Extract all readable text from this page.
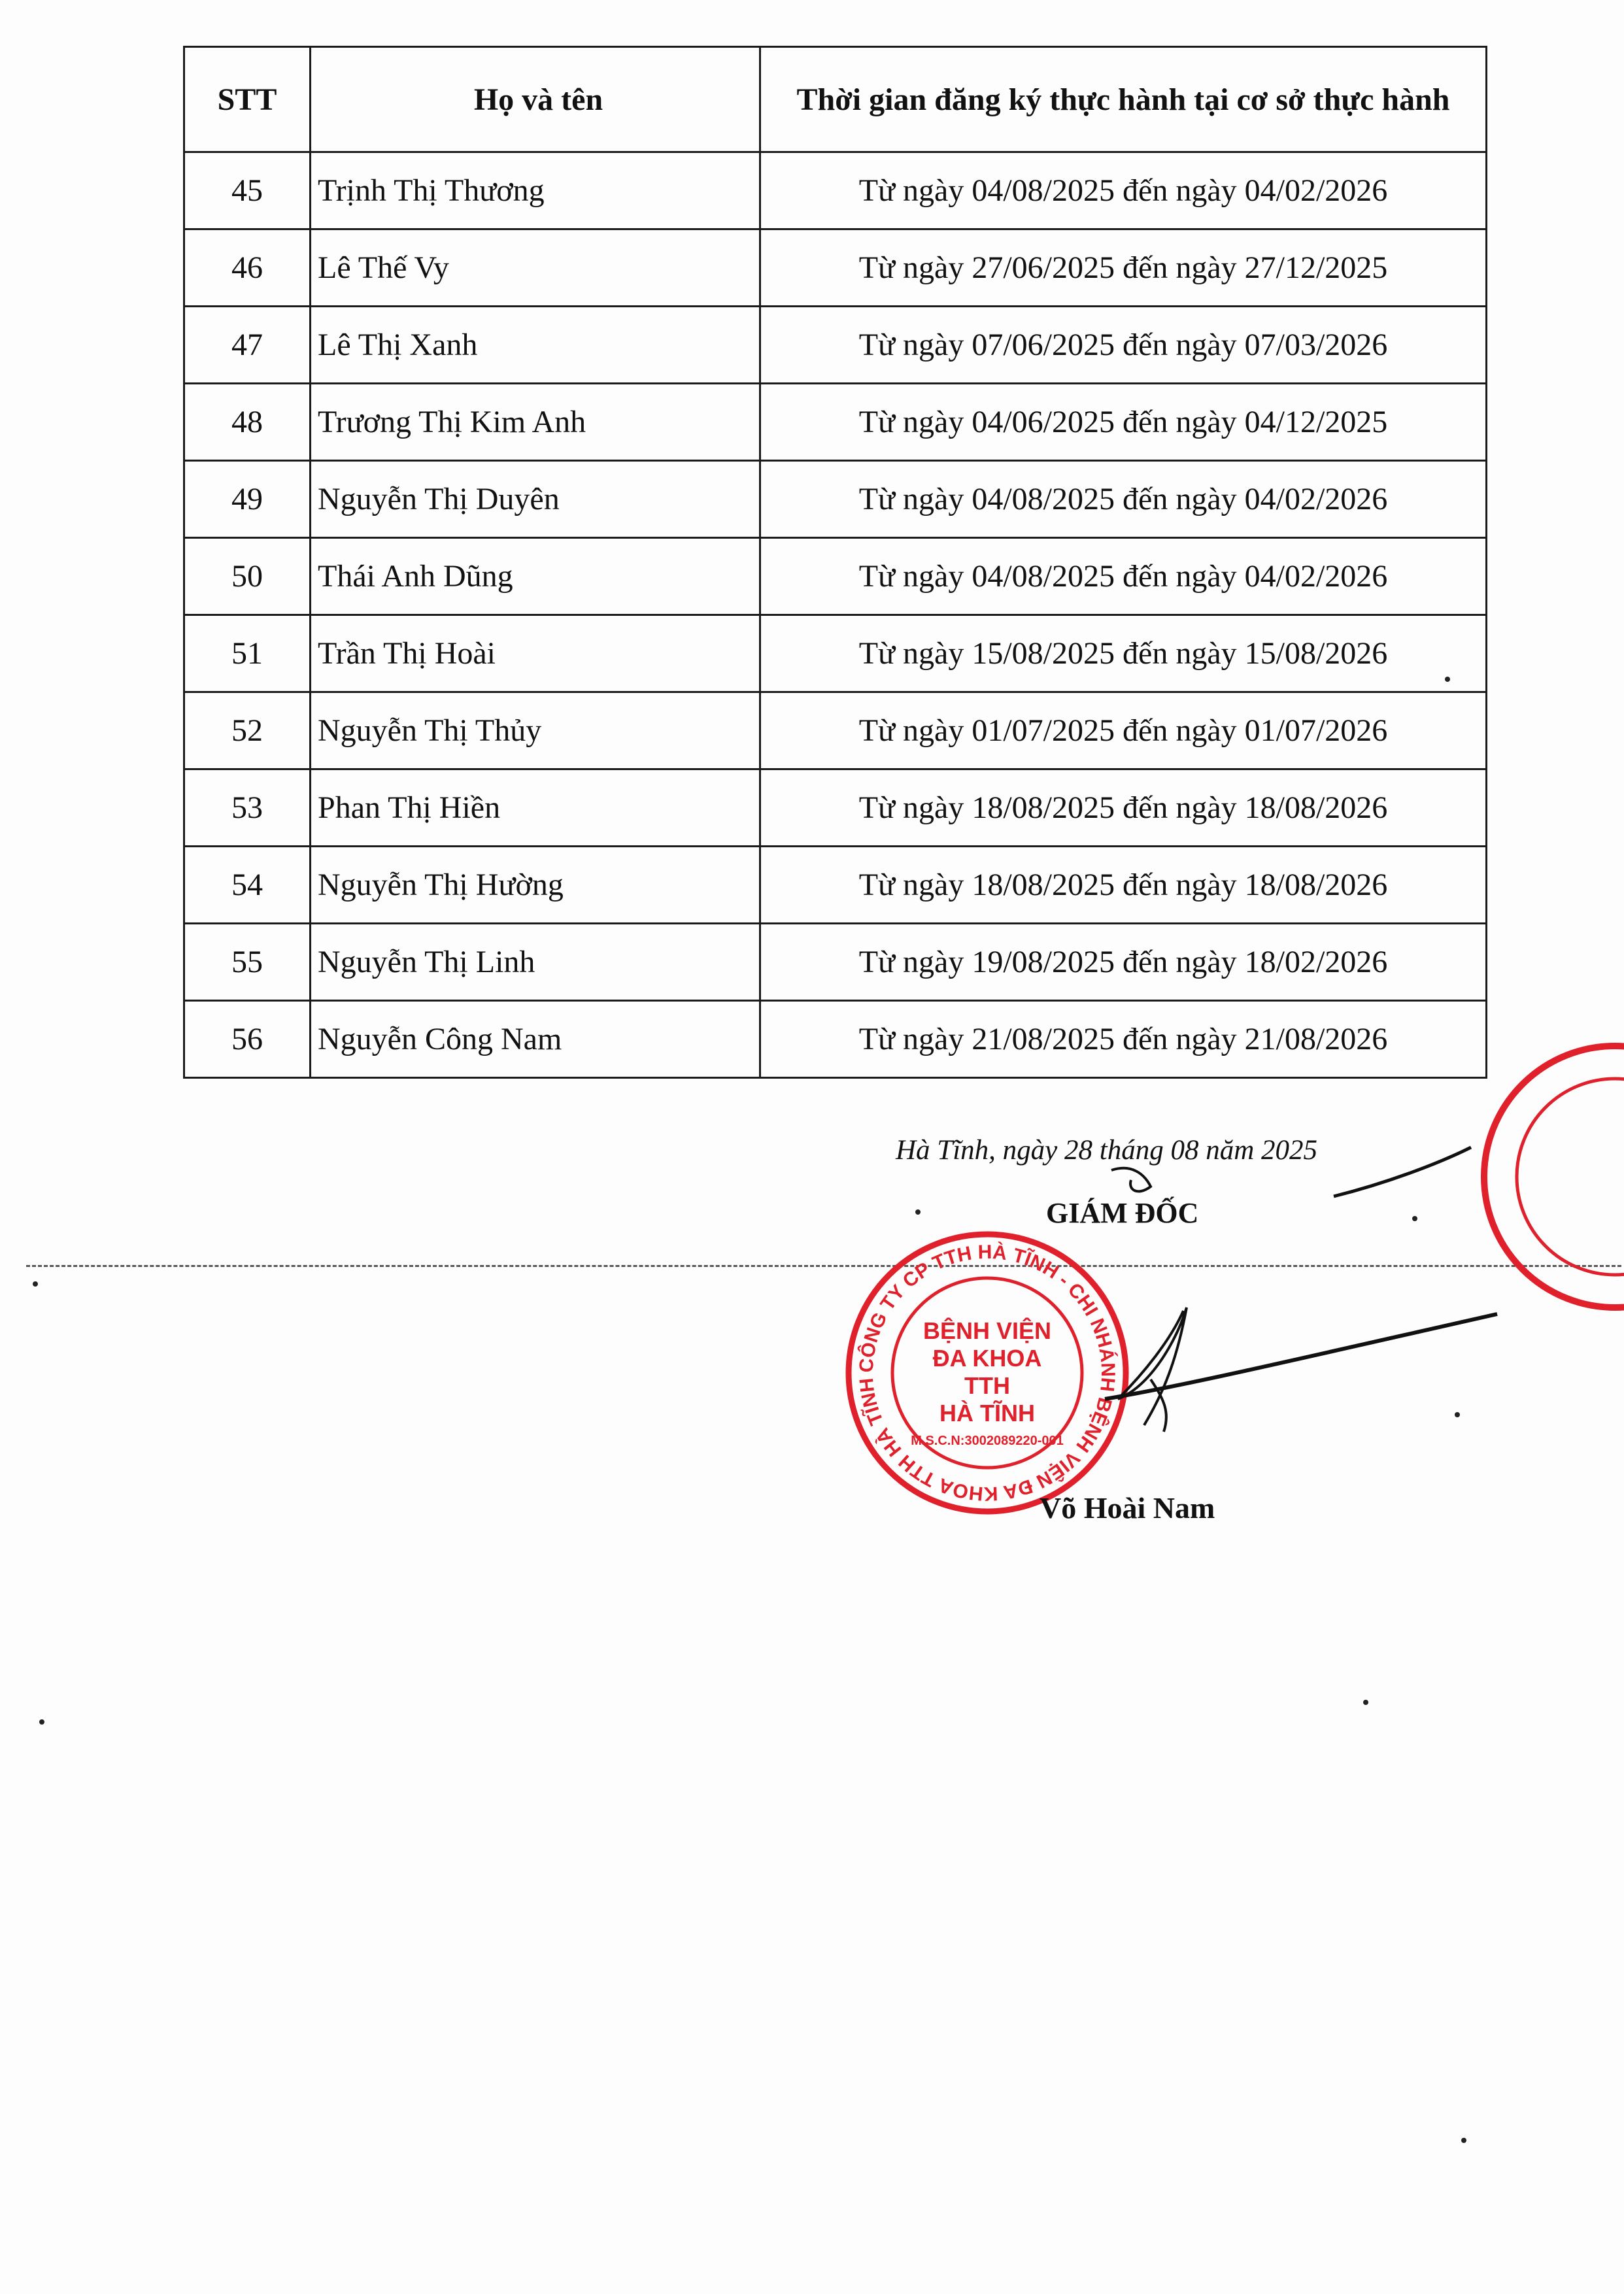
STT	Họ và tên	Thời gian đăng ký thực hành tại cơ sở thực hành
45	Trịnh Thị Thương	Từ ngày 04/08/2025 đến ngày 04/02/2026
46	Lê Thế Vy	Từ ngày 27/06/2025 đến ngày 27/12/2025
47	Lê Thị Xanh	Từ ngày 07/06/2025 đến ngày 07/03/2026
48	Trương Thị Kim Anh	Từ ngày 04/06/2025 đến ngày 04/12/2025
49	Nguyễn Thị Duyên	Từ ngày 04/08/2025 đến ngày 04/02/2026
50	Thái Anh Dũng	Từ ngày 04/08/2025 đến ngày 04/02/2026
51	Trần Thị Hoài	Từ ngày 15/08/2025 đến ngày 15/08/2026
52	Nguyễn Thị Thủy	Từ ngày 01/07/2025 đến ngày 01/07/2026
53	Phan Thị Hiền	Từ ngày 18/08/2025 đến ngày 18/08/2026
54	Nguyễn Thị Hường	Từ ngày 18/08/2025 đến ngày 18/08/2026
55	Nguyễn Thị Linh	Từ ngày 19/08/2025 đến ngày 18/02/2026
56	Nguyễn Công Nam	Từ ngày 21/08/2025 đến ngày 21/08/2026
Hà Tĩnh, ngày 28 tháng 08 năm 2025
GIÁM ĐỐC
CÔNG TY CP TTH HÀ TĨNH - CHI NHÁNH BỆNH VIỆN ĐA KHOA TTH HÀ TĨNH
BỆNH VIỆN
ĐA KHOA
TTH
HÀ TĨNH
M.S.C.N:3002089220-001
Võ Hoài Nam
